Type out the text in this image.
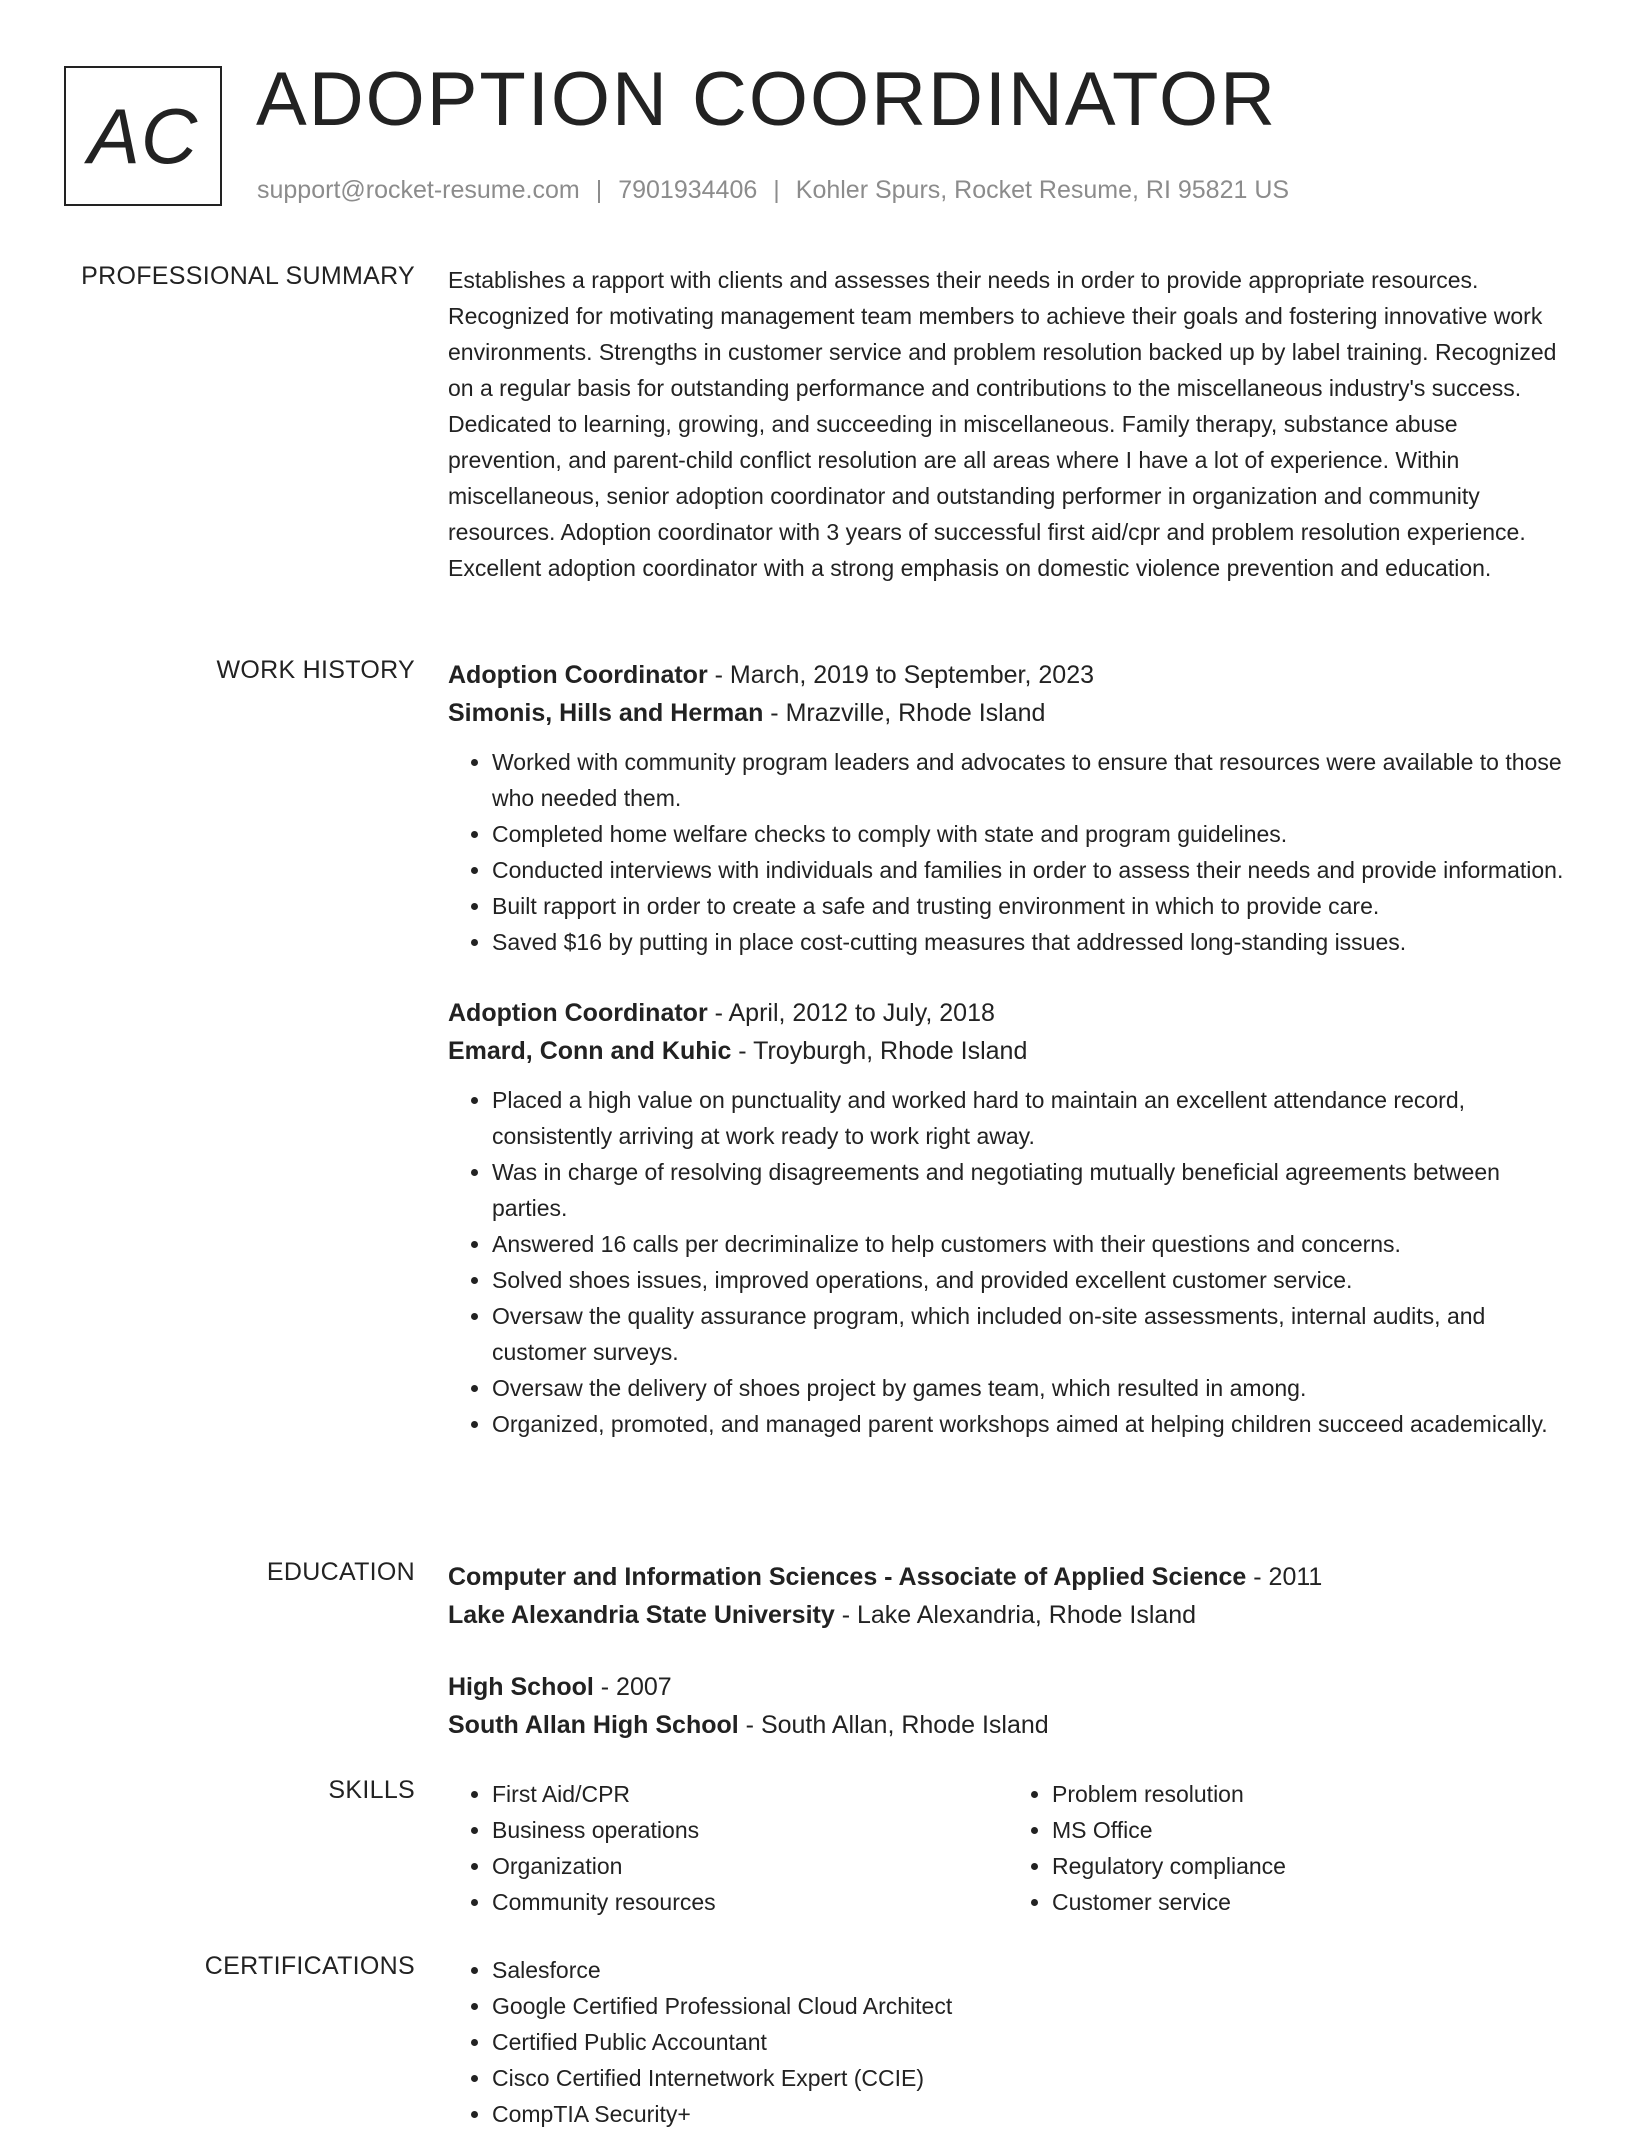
AC ADOPTION COORDINATOR
support@rocket-resume.com | 7901934406 | Kohler Spurs, Rocket Resume, RI 95821 US
PROFESSIONAL SUMMARY Establishes a rapport with clients and assesses their needs in order to provide appropriate resources. Recognized for motivating management team members to achieve their goals and fostering innovative work environments. Strengths in customer service and problem resolution backed up by label training. Recognized on a regular basis for outstanding performance and contributions to the miscellaneous industry's success. Dedicated to learning, growing, and succeeding in miscellaneous. Family therapy, substance abuse prevention, and parent-child conflict resolution are all areas where I have a lot of experience. Within miscellaneous, senior adoption coordinator and outstanding performer in organization and community resources. Adoption coordinator with 3 years of successful first aid/cpr and problem resolution experience. Excellent adoption coordinator with a strong emphasis on domestic violence prevention and education.

WORK HISTORY Adoption Coordinator - March, 2019 to September, 2023
Simonis, Hills and Herman - Mrazville, Rhode Island
• Worked with community program leaders and advocates to ensure that resources were available to those who needed them.
• Completed home welfare checks to comply with state and program guidelines.
• Conducted interviews with individuals and families in order to assess their needs and provide information.
• Built rapport in order to create a safe and trusting environment in which to provide care.
• Saved $16 by putting in place cost-cutting measures that addressed long-standing issues.
Adoption Coordinator - April, 2012 to July, 2018
Emard, Conn and Kuhic - Troyburgh, Rhode Island
• Placed a high value on punctuality and worked hard to maintain an excellent attendance record, consistently arriving at work ready to work right away.
• Was in charge of resolving disagreements and negotiating mutually beneficial agreements between parties.
• Answered 16 calls per decriminalize to help customers with their questions and concerns.
• Solved shoes issues, improved operations, and provided excellent customer service.
• Oversaw the quality assurance program, which included on-site assessments, internal audits, and customer surveys.
• Oversaw the delivery of shoes project by games team, which resulted in among.
• Organized, promoted, and managed parent workshops aimed at helping children succeed academically.
EDUCATION Computer and Information Sciences - Associate of Applied Science - 2011
Lake Alexandria State University - Lake Alexandria, Rhode Island
High School - 2007
South Allan High School - South Allan, Rhode Island
SKILLS	• First Aid/CPR
• Business operations
• Organization
• Community resources
• Problem resolution
• MS Office
• Regulatory compliance
• Customer service
CERTIFICATIONS	• Salesforce
• Google Certified Professional Cloud Architect
• Certified Public Accountant
• Cisco Certified Internetwork Expert (CCIE)
• CompTIA Security+
